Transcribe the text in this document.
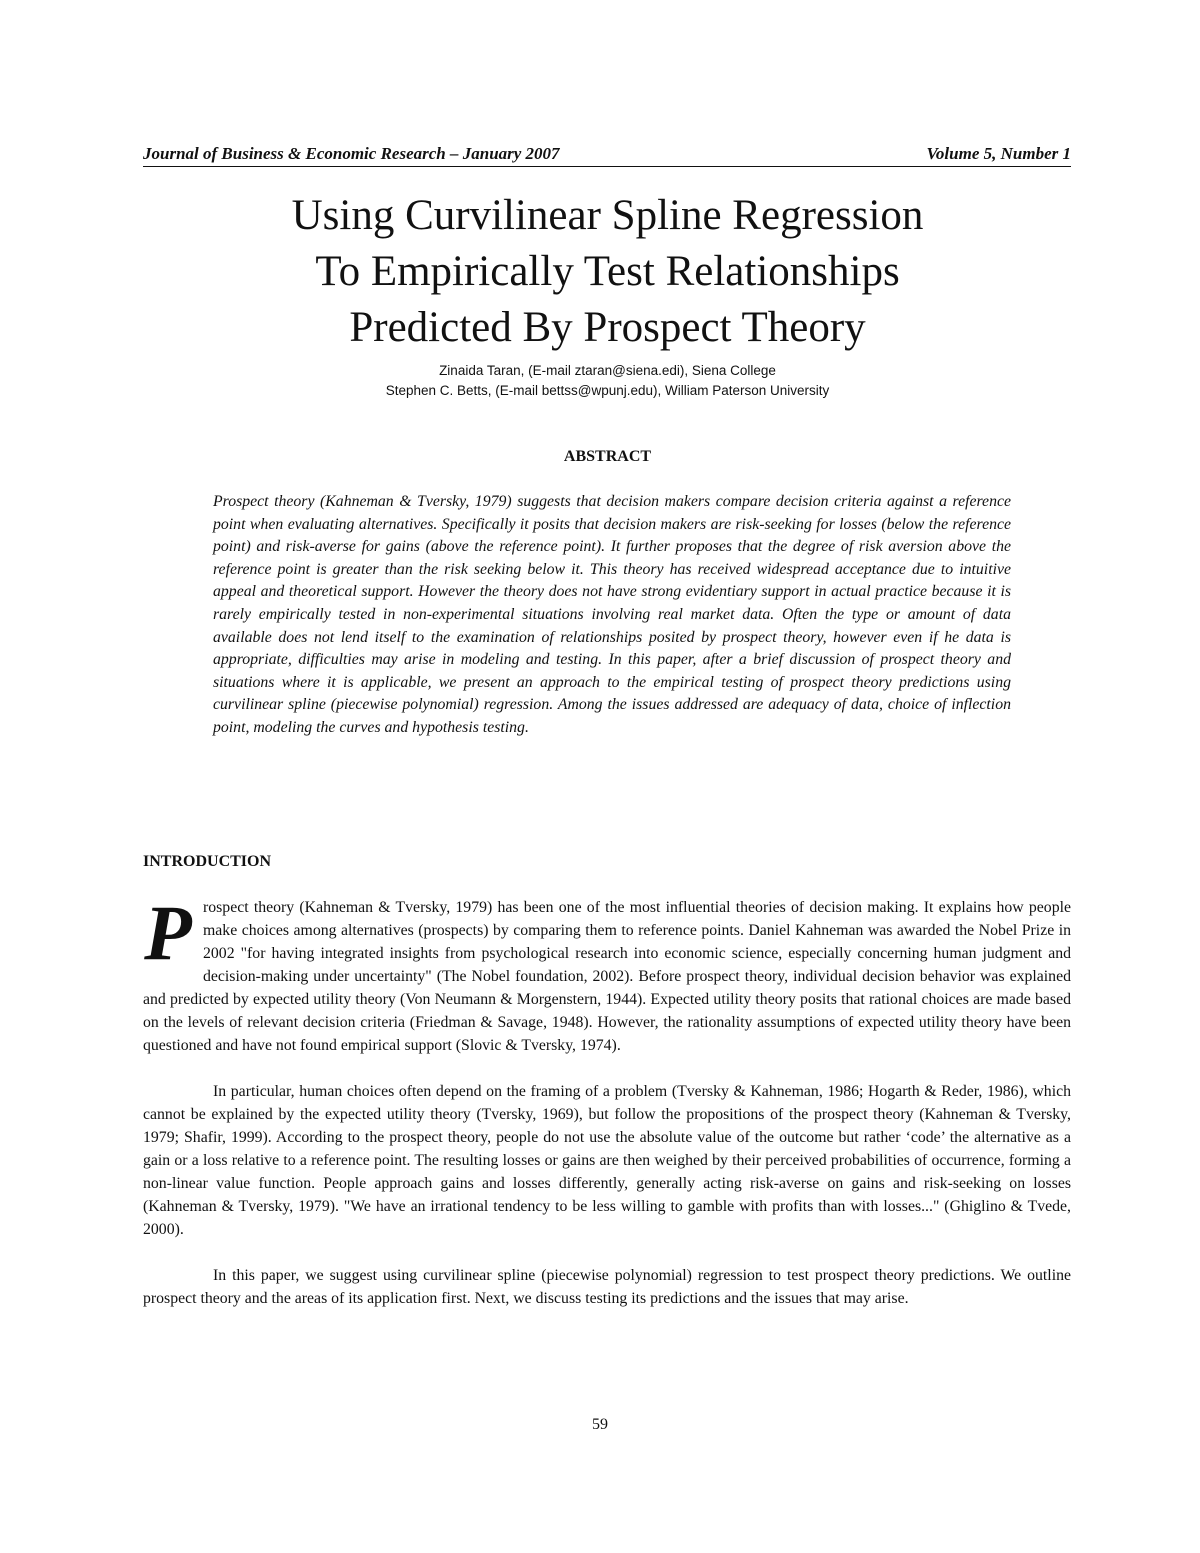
Journal of Business & Economic Research – January 2007	Volume 5, Number 1
Using Curvilinear Spline Regression
To Empirically Test Relationships
Predicted By Prospect Theory
Zinaida Taran, (E-mail ztaran@siena.edi), Siena College
Stephen C. Betts, (E-mail bettss@wpunj.edu), William Paterson University
ABSTRACT
Prospect theory (Kahneman & Tversky, 1979) suggests that decision makers compare decision criteria against a reference point when evaluating alternatives. Specifically it posits that decision makers are risk-seeking for losses (below the reference point) and risk-averse for gains (above the reference point). It further proposes that the degree of risk aversion above the reference point is greater than the risk seeking below it. This theory has received widespread acceptance due to intuitive appeal and theoretical support. However the theory does not have strong evidentiary support in actual practice because it is rarely empirically tested in non-experimental situations involving real market data. Often the type or amount of data available does not lend itself to the examination of relationships posited by prospect theory, however even if he data is appropriate, difficulties may arise in modeling and testing. In this paper, after a brief discussion of prospect theory and situations where it is applicable, we present an approach to the empirical testing of prospect theory predictions using curvilinear spline (piecewise polynomial) regression. Among the issues addressed are adequacy of data, choice of inflection point, modeling the curves and hypothesis testing.
INTRODUCTION

Prospect theory (Kahneman & Tversky, 1979) has been one of the most influential theories of decision making. It explains how people make choices among alternatives (prospects) by comparing them to reference points. Daniel Kahneman was awarded the Nobel Prize in 2002 "for having integrated insights from psychological research into economic science, especially concerning human judgment and decision-making under uncertainty" (The Nobel foundation, 2002). Before prospect theory, individual decision behavior was explained and predicted by expected utility theory (Von Neumann & Morgenstern, 1944). Expected utility theory posits that rational choices are made based on the levels of relevant decision criteria (Friedman & Savage, 1948). However, the rationality assumptions of expected utility theory have been questioned and have not found empirical support (Slovic & Tversky, 1974).

In particular, human choices often depend on the framing of a problem (Tversky & Kahneman, 1986; Hogarth & Reder, 1986), which cannot be explained by the expected utility theory (Tversky, 1969), but follow the propositions of the prospect theory (Kahneman & Tversky, 1979; Shafir, 1999). According to the prospect theory, people do not use the absolute value of the outcome but rather ‘code’ the alternative as a gain or a loss relative to a reference point. The resulting losses or gains are then weighed by their perceived probabilities of occurrence, forming a non-linear value function. People approach gains and losses differently, generally acting risk-averse on gains and risk-seeking on losses (Kahneman & Tversky, 1979). "We have an irrational tendency to be less willing to gamble with profits than with losses..." (Ghiglino & Tvede, 2000).

In this paper, we suggest using curvilinear spline (piecewise polynomial) regression to test prospect theory predictions. We outline prospect theory and the areas of its application first. Next, we discuss testing its predictions and the issues that may arise.

59
